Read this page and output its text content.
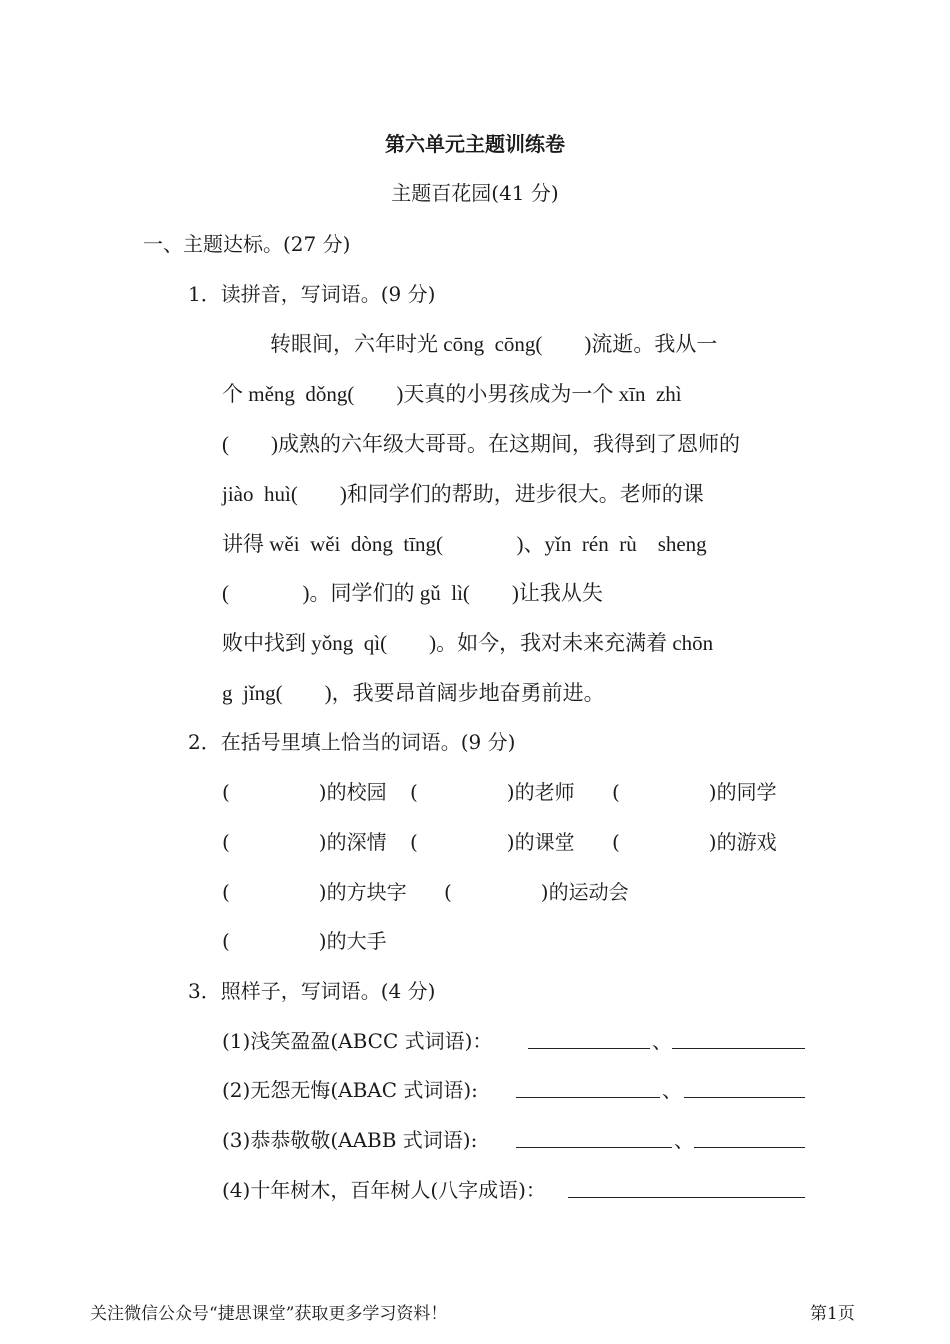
第六单元主题训练卷
主题百花园(41 分)
一、主题达标。(27 分)
1．读拼音，写词语。(9 分)
转眼间，六年时光 cōng  cōng(        )流逝。我从一
个 měng  dǒng(        )天真的小男孩成为一个 xīn  zhì
(        )成熟的六年级大哥哥。在这期间，我得到了恩师的
jiào  huì(        )和同学们的帮助，进步很大。老师的课
讲得 wěi  wěi  dòng  tīng(              )、yǐn  rén  rù    sheng
(              )。同学们的 gǔ  lì(        )让我从失
败中找到 yǒng  qì(        )。如今，我对未来充满着 chōn
g  jǐng(        )，我要昂首阔步地奋勇前进。
2．在括号里填上恰当的词语。(9 分)
(              )的校园 (              )的老师 (              )的同学
(              )的深情 (              )的课堂 (              )的游戏
(              )的方块字 (              )的运动会
(              )的大手
3．照样子，写词语。(4 分)
(1)浅笑盈盈(ABCC 式词语)：	、
(2)无怨无悔(ABAC 式词语):	、
(3)恭恭敬敬(AABB 式词语):	、
(4)十年树木，百年树人(八字成语)：
关注微信公众号“捷思课堂”获取更多学习资料！	第1页
